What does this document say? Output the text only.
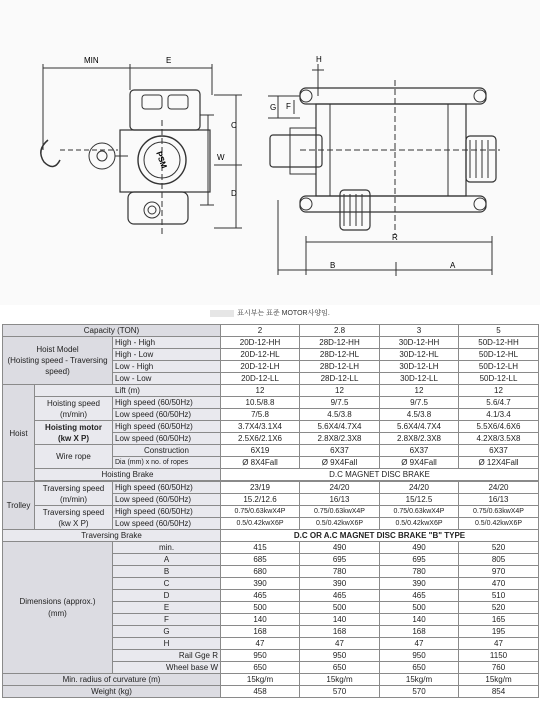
MIN	E	H
G F
C
W
D
R
B	A
PSM
표시부는 표준 MOTOR사양임.
Capacity (TON)			2	2.8	3	5
Hoist Model
(Hoisting speed - Traversing speed)		High - High	20D-12-HH	28D-12-HH	30D-12-HH	50D-12-HH
		High - Low	20D-12-HL	28D-12-HL	30D-12-HL	50D-12-HL
		Low - High	20D-12-LH	28D-12-LH	30D-12-LH	50D-12-LH
		Low - Low	20D-12-LL	28D-12-LL	30D-12-LL	50D-12-LL
Hoist	Lift (m)		12	12	12	12
	Hoisting speed
(m/min)	High speed (60/50Hz)	10.5/8.8	9/7.5	9/7.5	5.6/4.7
		Low speed (60/50Hz)	7/5.8	4.5/3.8	4.5/3.8	4.1/3.4
	Hoisting motor
(kw X P)	High speed (60/50Hz)	3.7X4/3.1X4	5.6X4/4.7X4	5.6X4/4.7X4	5.5X6/4.6X6
		Low speed (60/50Hz)	2.5X6/2.1X6	2.8X8/2.3X8	2.8X8/2.3X8	4.2X8/3.5X8
	Wire rope	Construction	6X19	6X37	6X37	6X37
		Dia (mm) x no. of ropes	Ø 8X4Fall	Ø 9X4Fall	Ø 9X4Fall	Ø 12X4Fall
	Hoisting Brake		D.C MAGNET DISC BRAKE			

Trolley	Traversing speed
(m/min)	High speed (60/50Hz)	23/19	24/20	24/20	24/20
		Low speed (60/50Hz)	15.2/12.6	16/13	15/12.5	16/13
	Traversing speed
(kw X P)	High speed (60/50Hz)	0.75/0.63kwX4P	0.75/0.63kwX4P	0.75/0.63kwX4P	0.75/0.63kwX4P
		Low speed (60/50Hz)	0.5/0.42kwX6P	0.5/0.42kwX6P	0.5/0.42kwX6P	0.5/0.42kwX6P
Traversing Brake			D.C OR A.C MAGNET DISC BRAKE "B" TYPE			
Dimensions (approx.)
(mm)		min.	415	490	490	520
		A	685	695	695	805
		B	680	780	780	970
		C	390	390	390	470
		D	465	465	465	510
		E	500	500	500	520
		F	140	140	140	165
		G	168	168	168	195
		H	47	47	47	47
		Rail Gge R	950	950	950	1150
		Wheel base W	650	650	650	760
Min. radius of curvature (m)			15kg/m	15kg/m	15kg/m	15kg/m
Weight (kg)			458	570	570	854
